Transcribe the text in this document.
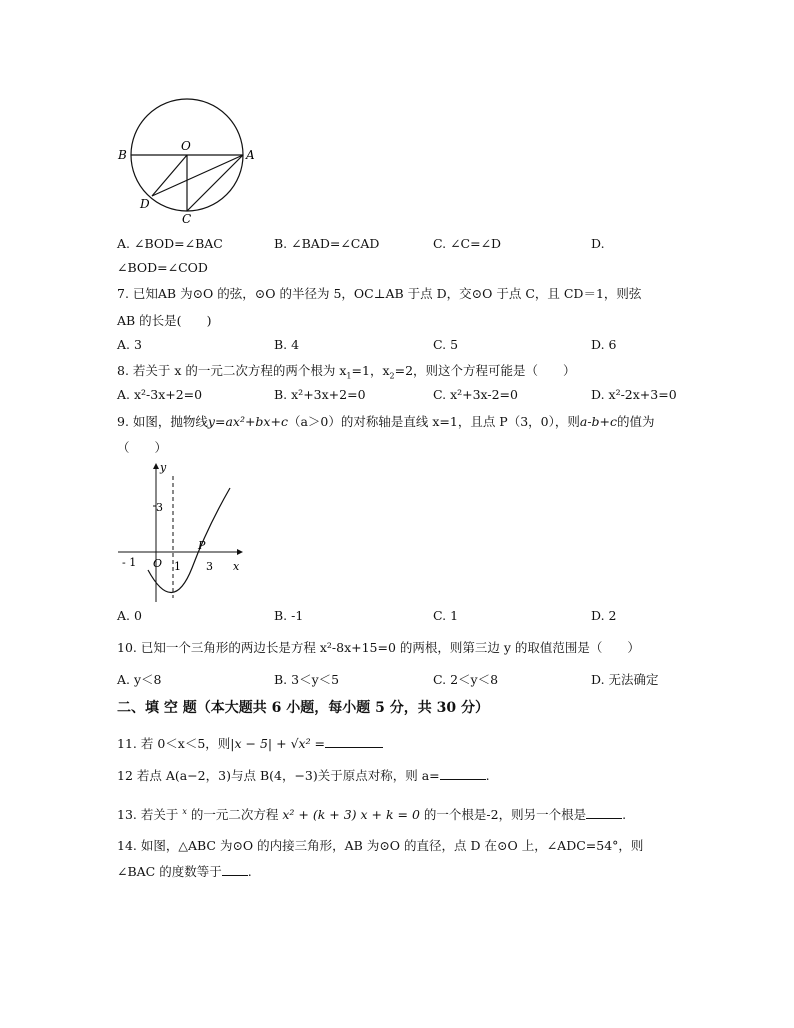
B
O
A
D
C
A. ∠BOD=∠BAC	B. ∠BAD=∠CAD	C. ∠C=∠D	D.
∠BOD=∠COD
7. 已知AB 为⊙O 的弦，⊙O 的半径为 5，OC⊥AB 于点 D，交⊙O 于点 C，且 CD＝1，则弦
AB 的长是(　　)
A. 3	B. 4	C. 5	D. 6
8. 若关于 x 的一元二次方程的两个根为 $x_1=1$，$x_2=2$，则这个方程可能是（　　）
A. x²-3x+2=0	B. x²+3x+2=0	C. x²+3x-2=0	D. x²-2x+3=0
9. 如图，抛物线y=ax²+bx+c（a＞0）的对称轴是直线 x=1，且点 P（3，0），则a-b+c的值为
（　　）
y
3
P
- 1 O 1 3 x
A. 0	B. -1	C. 1	D. 2
10. 已知一个三角形的两边长是方程 x²-8x+15=0 的两根，则第三边 y 的取值范围是（　　）
A. y＜8	B. 3＜y＜5	C. 2＜y＜8	D. 无法确定
二、填 空 题（本大题共 6 小题，每小题 5 分，共 30 分）
11. 若 0＜x＜5，则|x − 5| + √x² =
12 若点 A(a−2，3)与点 B(4，−3)关于原点对称，则 a=	.
13. 若关于 $^x$ 的一元二次方程 x² + (k + 3) x + k = 0 的一个根是-2，则另一个根是	.
14. 如图，△ABC 为⊙O 的内接三角形，AB 为⊙O 的直径，点 D 在⊙O 上，∠ADC=54°，则
∠BAC 的度数等于 .
